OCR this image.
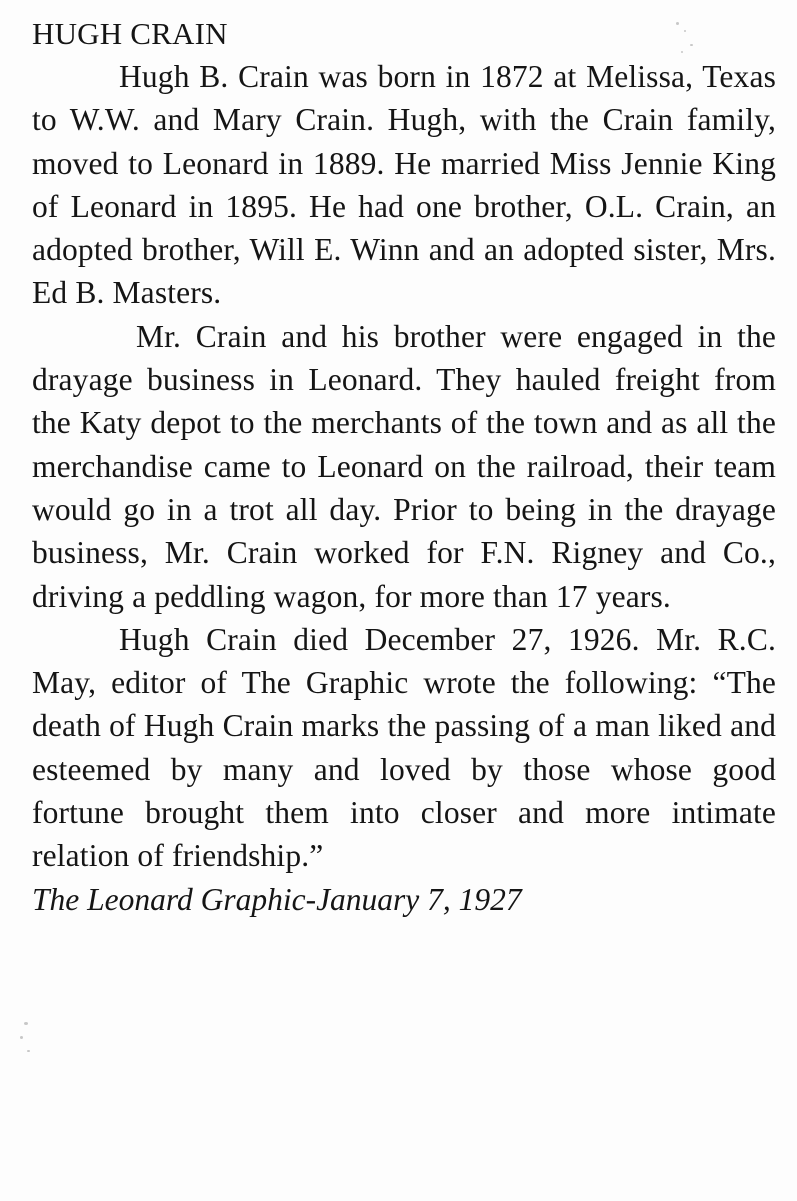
HUGH CRAIN

Hugh B. Crain was born in 1872 at Melissa, Texas to W.W. and Mary Crain. Hugh, with the Crain family, moved to Leonard in 1889. He married Miss Jennie King of Leonard in 1895. He had one brother, O.L. Crain, an adopted brother, Will E. Winn and an adopted sister, Mrs. Ed B. Masters.

Mr. Crain and his brother were engaged in the drayage business in Leonard. They hauled freight from the Katy depot to the merchants of the town and as all the merchandise came to Leonard on the railroad, their team would go in a trot all day. Prior to being in the drayage business, Mr. Crain worked for F.N. Rigney and Co., driving a peddling wagon, for more than 17 years.

Hugh Crain died December 27, 1926. Mr. R.C. May, editor of The Graphic wrote the following: “The death of Hugh Crain marks the passing of a man liked and esteemed by many and loved by those whose good fortune brought them into closer and more intimate relation of friendship.”

The Leonard Graphic-January 7, 1927
